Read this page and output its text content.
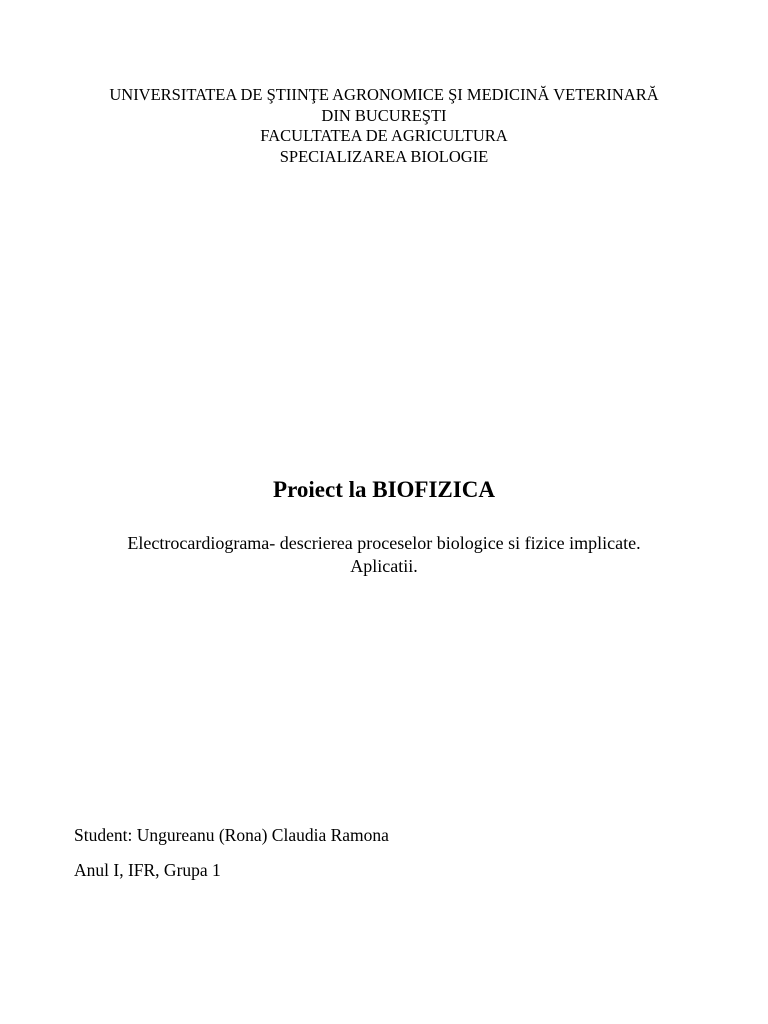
UNIVERSITATEA DE ŞTIINŢE AGRONOMICE ŞI MEDICINĂ VETERINARĂ
DIN BUCUREŞTI
FACULTATEA DE AGRICULTURA
SPECIALIZAREA BIOLOGIE
Proiect la BIOFIZICA
Electrocardiograma- descrierea proceselor biologice si fizice implicate.
Aplicatii.
Student: Ungureanu (Rona) Claudia Ramona
Anul I, IFR, Grupa 1
